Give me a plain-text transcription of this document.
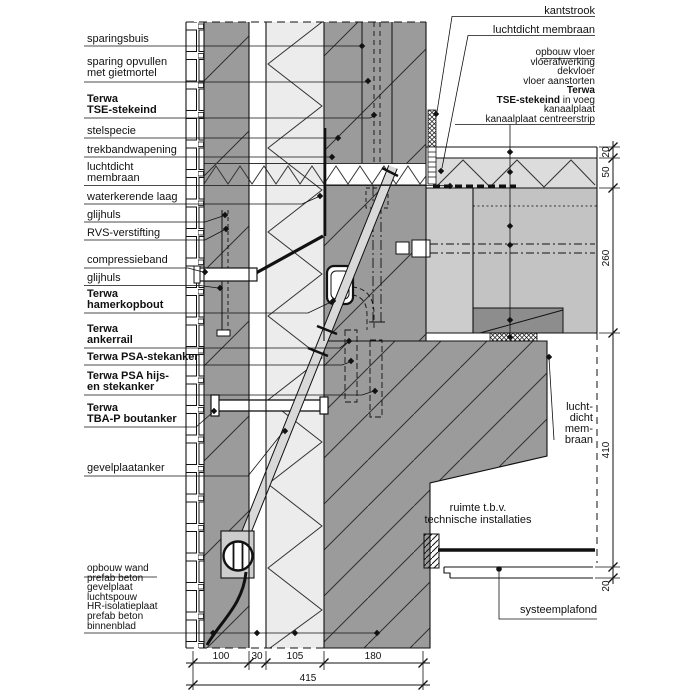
sparingsbuis
sparing opvullen
met gietmortel
Terwa
TSE-stekeind
stelspecie
trekbandwapening
luchtdicht
membraan
waterkerende laag
glijhuls
RVS-verstifting
compressieband
glijhuls
Terwa
hamerkopbout
Terwa
ankerrail
Terwa PSA-stekanker
Terwa PSA hijs-
en stekanker
Terwa
TBA-P boutanker
gevelplaatanker
opbouw wand
prefab beton
gevelplaat
luchtspouw
HR-isolatieplaat
prefab beton
binnenblad
kantstrook
luchtdicht membraan
opbouw vloer
vloerafwerking
dekvloer
vloer aanstorten
Terwa
TSE-stekeind in voeg
kanaalplaat
kanaalplaat centreerstrip
lucht-
dicht
mem-
braan
ruimte t.b.v.
technische installaties
systeemplafond
100	30	105	180
415
20
50
260
410
20
